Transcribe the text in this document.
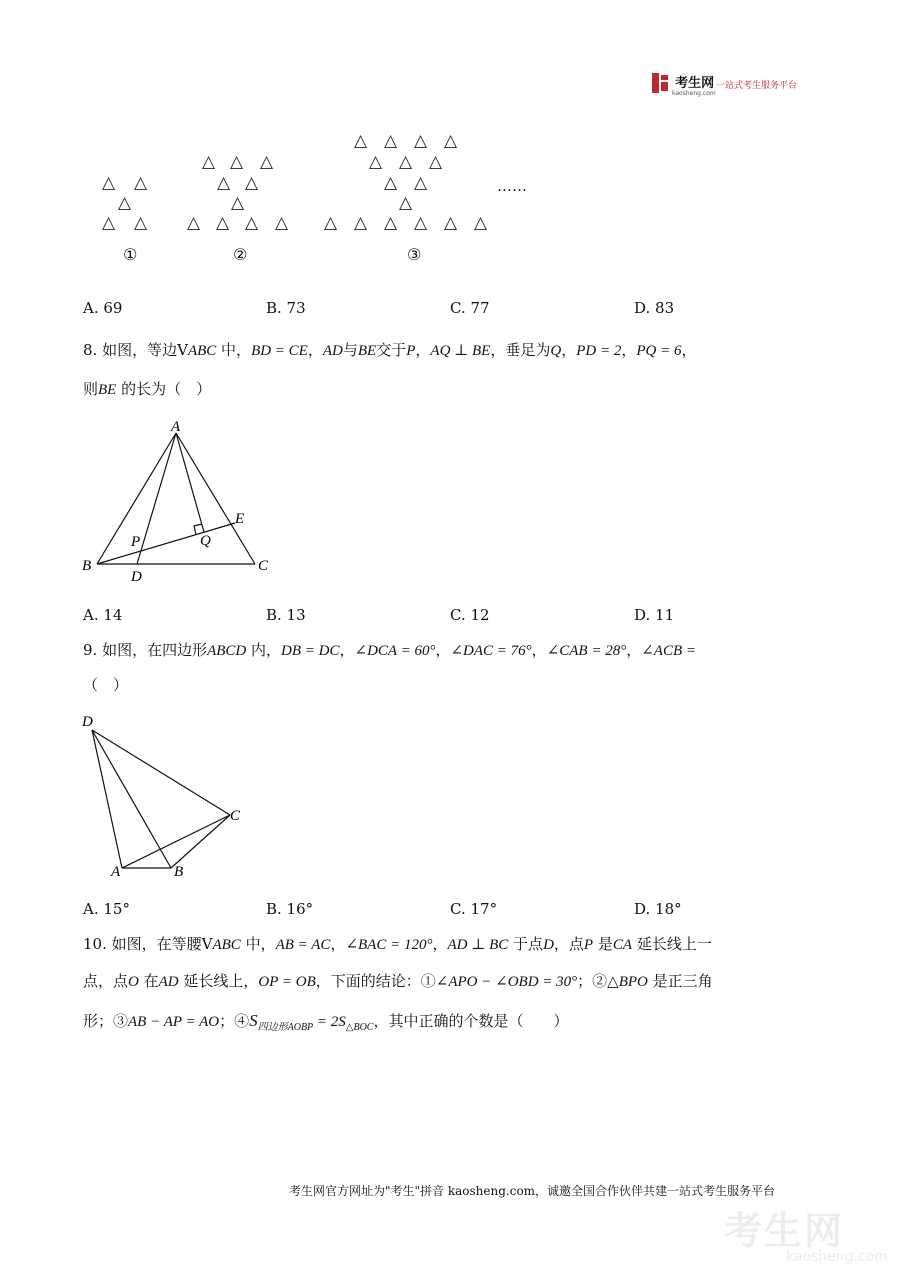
考生网
kaosheng.com
一站式考生服务平台
△ △
△
△ △
①
△ △ △
△ △
△
△ △ △ △
②
△ △ △ △
△ △ △
△ △
△
△ △ △ △ △ △
③
……
A. 69	B. 73	C. 77	D. 83
8. 如图，等边VABC 中，BD = CE，AD与BE交于P，AQ ⊥ BE，垂足为Q，PD = 2，PQ = 6，
则BE 的长为（　）
A
B	C
D
E
P	Q
A. 14	B. 13	C. 12	D. 11
9. 如图，在四边形ABCD 内，DB = DC，∠DCA = 60°，∠DAC = 76°，∠CAB = 28°，∠ACB =
（　）
D
A	B
C
A. 15°	B. 16°	C. 17°	D. 18°
10. 如图，在等腰VABC 中，AB = AC，∠BAC = 120°，AD ⊥ BC 于点D，点P 是CA 延长线上一
点，点O 在AD 延长线上，OP = OB，下面的结论：①∠APO − ∠OBD = 30°；②△BPO 是正三角
形；③AB − AP = AO；$④S_{四边形AOBP} = 2S_{\triangle BOC}$，其中正确的个数是（　　）
考生网官方网址为"考生"拼音 kaosheng.com，诚邀全国合作伙伴共建一站式考生服务平台
考生网
kaosheng.com
